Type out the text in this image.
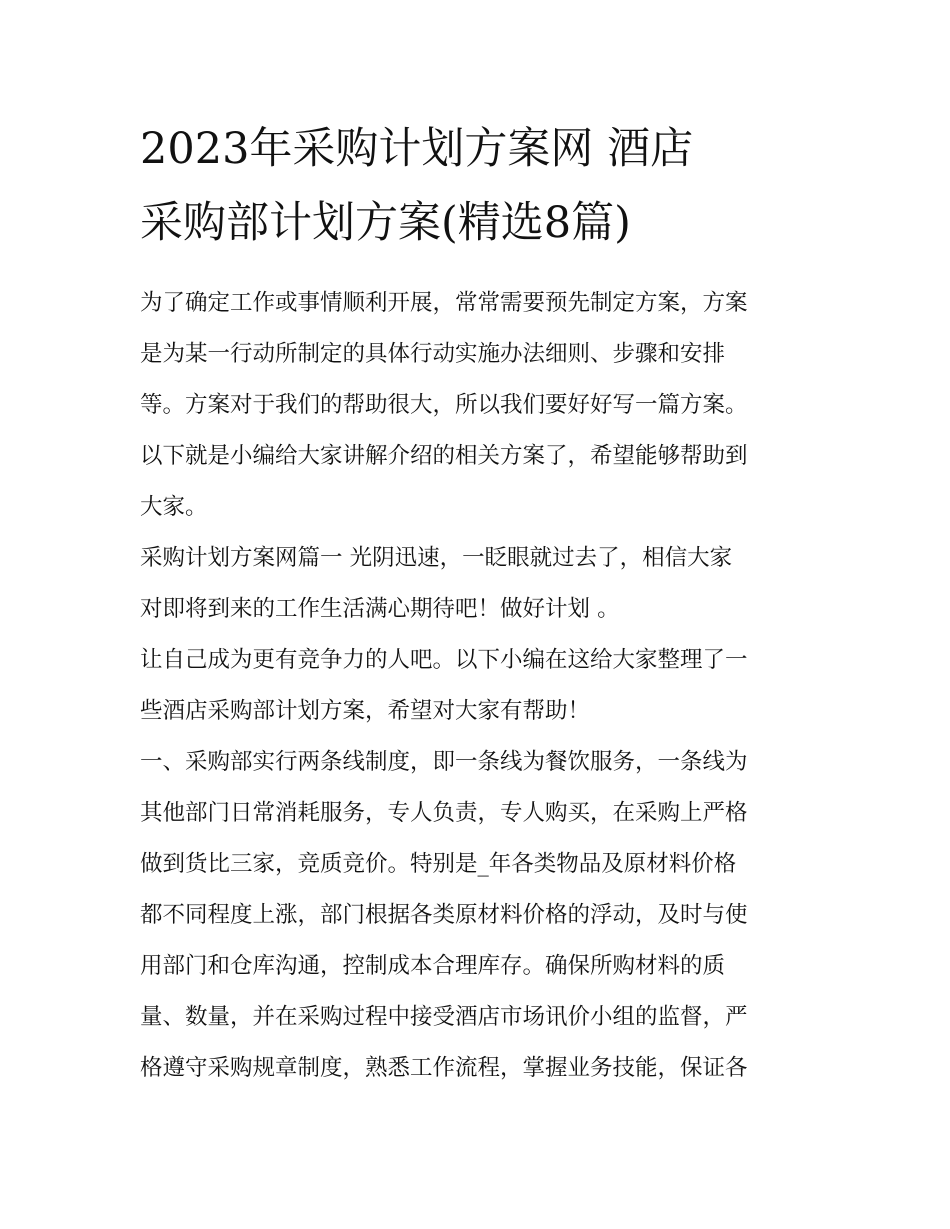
2023年采购计划方案网 酒店
采购部计划方案(精选8篇)
为了确定工作或事情顺利开展，常常需要预先制定方案，方案
是为某一行动所制定的具体行动实施办法细则、步骤和安排
等。方案对于我们的帮助很大，所以我们要好好写一篇方案。
以下就是小编给大家讲解介绍的相关方案了，希望能够帮助到
大家。
采购计划方案网篇一 光阴迅速，一眨眼就过去了，相信大家
对即将到来的工作生活满心期待吧！做好计划 。
让自己成为更有竞争力的人吧。以下小编在这给大家整理了一
些酒店采购部计划方案，希望对大家有帮助！
一、采购部实行两条线制度，即一条线为餐饮服务，一条线为
其他部门日常消耗服务，专人负责，专人购买，在采购上严格
做到货比三家，竞质竞价。特别是_年各类物品及原材料价格
都不同程度上涨，部门根据各类原材料价格的浮动，及时与使
用部门和仓库沟通，控制成本合理库存。确保所购材料的质
量、数量，并在采购过程中接受酒店市场讯价小组的监督，严
格遵守采购规章制度，熟悉工作流程，掌握业务技能，保证各
